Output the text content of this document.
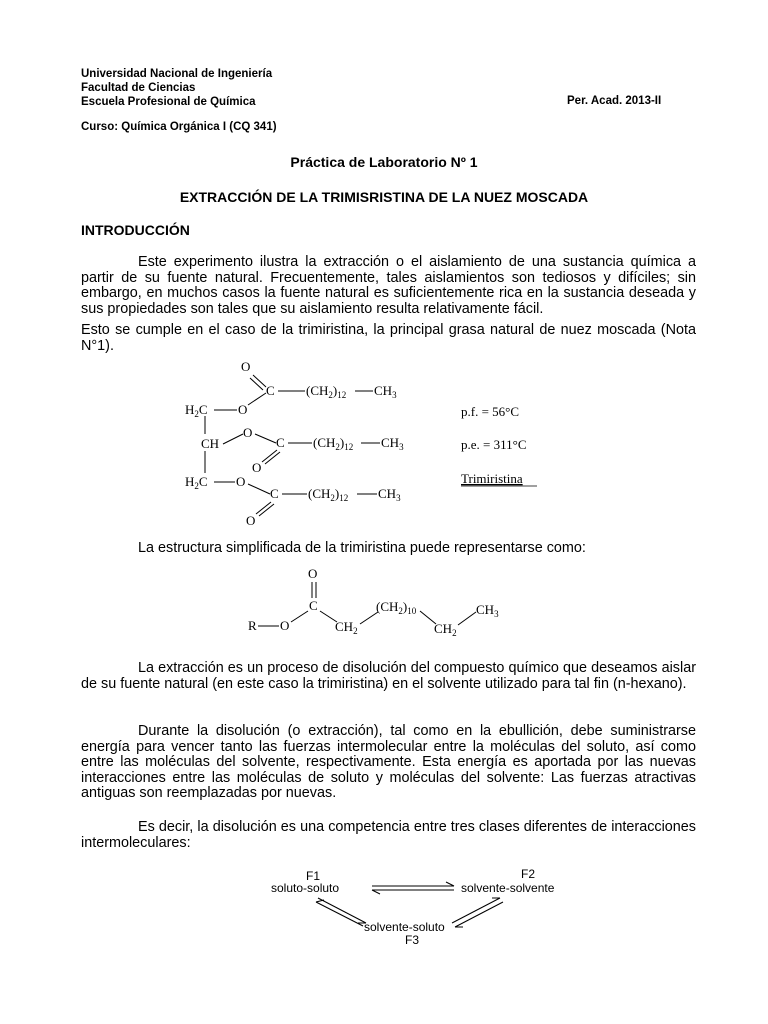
Universidad Nacional de Ingeniería
Facultad de Ciencias
Escuela Profesional de Química	Per. Acad. 2013-II
Curso: Química Orgánica I (CQ 341)
Práctica de Laboratorio Nº 1
EXTRACCIÓN DE LA TRIMISRISTINA DE LA NUEZ MOSCADA
INTRODUCCIÓN
Este experimento ilustra la extracción o el aislamiento de una sustancia química a partir de su fuente natural. Frecuentemente, tales aislamientos son tediosos y difíciles; sin embargo, en muchos casos la fuente natural es suficientemente rica en la sustancia deseada y sus propiedades son tales que su aislamiento resulta relativamente fácil.
Esto se cumple en el caso de la trimiristina, la principal grasa natural de nuez moscada (Nota N°1).
O
C $(CH_2)_{12}$ $CH_3$
$H_2C$ O
CH
O
C
O
$(CH_2)_{12}$ $CH_3$
$H_2C$ O
C
O
$(CH_2)_{12}$ $CH_3$
p.f. = 56°C
p.e. = 311°C
Trimiristina
La estructura simplificada de la trimiristina puede representarse como:
O
C
R O	$CH_2$
$(CH_2)_{10}$
$CH_2$
$CH_3$
La extracción es un proceso de disolución del compuesto químico que deseamos aislar de su fuente natural (en este caso la trimiristina) en el solvente utilizado para tal fin (n-hexano).
Durante la disolución (o extracción), tal como en la ebullición, debe suministrarse energía para vencer tanto las fuerzas intermolecular entre la moléculas del soluto, así como entre las moléculas del solvente, respectivamente. Esta energía es aportada por las nuevas interacciones entre las moléculas de soluto y moléculas del solvente: Las fuerzas atractivas antiguas son reemplazadas por nuevas.
Es decir, la disolución es una competencia entre tres clases diferentes de interacciones intermoleculares:
F1
soluto-soluto
F2
solvente-solvente
solvente-soluto
F3
